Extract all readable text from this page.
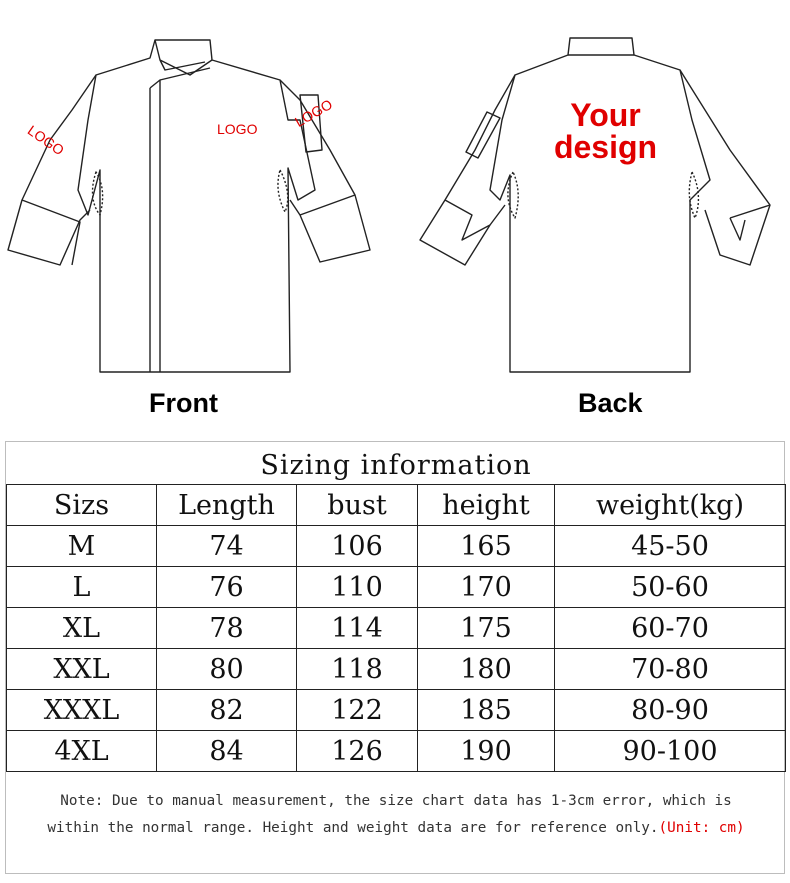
LOGO	LOGO LOGO	Your
design
Front	Back
Sizing information
Sizs	Length	bust	height	weight(kg)
M	74	106	165	45-50
L	76	110	170	50-60
XL	78	114	175	60-70
XXL	80	118	180	70-80
XXXL	82	122	185	80-90
4XL	84	126	190	90-100
Note: Due to manual measurement, the size chart data has 1-3cm error, which is
within the normal range. Height and weight data are for reference only.(Unit: cm)
